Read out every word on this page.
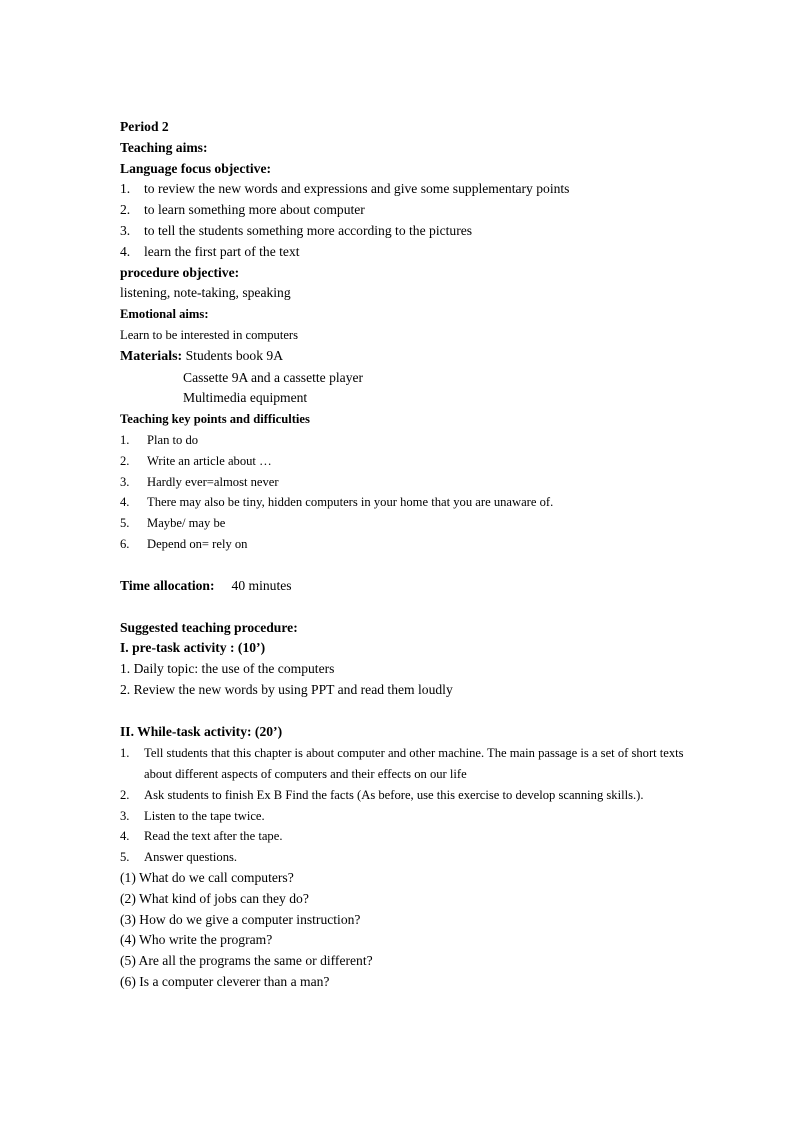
Period 2

Teaching aims:

Language focus objective:

1.	to review the new words and expressions and give some supplementary points
2.	to learn something more about computer
3.	to tell the students something more according to the pictures
4.	learn the first part of the text

procedure objective:

listening, note-taking, speaking

Emotional aims:

Learn to be interested in computers

Materials: Students book 9A

Cassette 9A and a cassette player

Multimedia equipment

Teaching key points and difficulties

1.	Plan to do
2.	Write an article about …
3.	Hardly ever=almost never
4.	There may also be tiny, hidden computers in your home that you are unaware of.
5.	Maybe/ may be
6.	Depend on= rely on

Time allocation: 40 minutes

Suggested teaching procedure:

I. pre-task activity : (10’)

1. Daily topic: the use of the computers

2. Review the new words by using PPT and read them loudly

II. While-task activity: (20’)

1.	Tell students that this chapter is about computer and other machine. The main passage is a set of short texts about different aspects of computers and their effects on our life
2.	Ask students to finish Ex B Find the facts (As before, use this exercise to develop scanning skills.).
3.	Listen to the tape twice.
4.	Read the text after the tape.
5.	Answer questions.

(1) What do we call computers?

(2) What kind of jobs can they do?

(3) How do we give a computer instruction?

(4) Who write the program?

(5) Are all the programs the same or different?

(6) Is a computer cleverer than a man?
